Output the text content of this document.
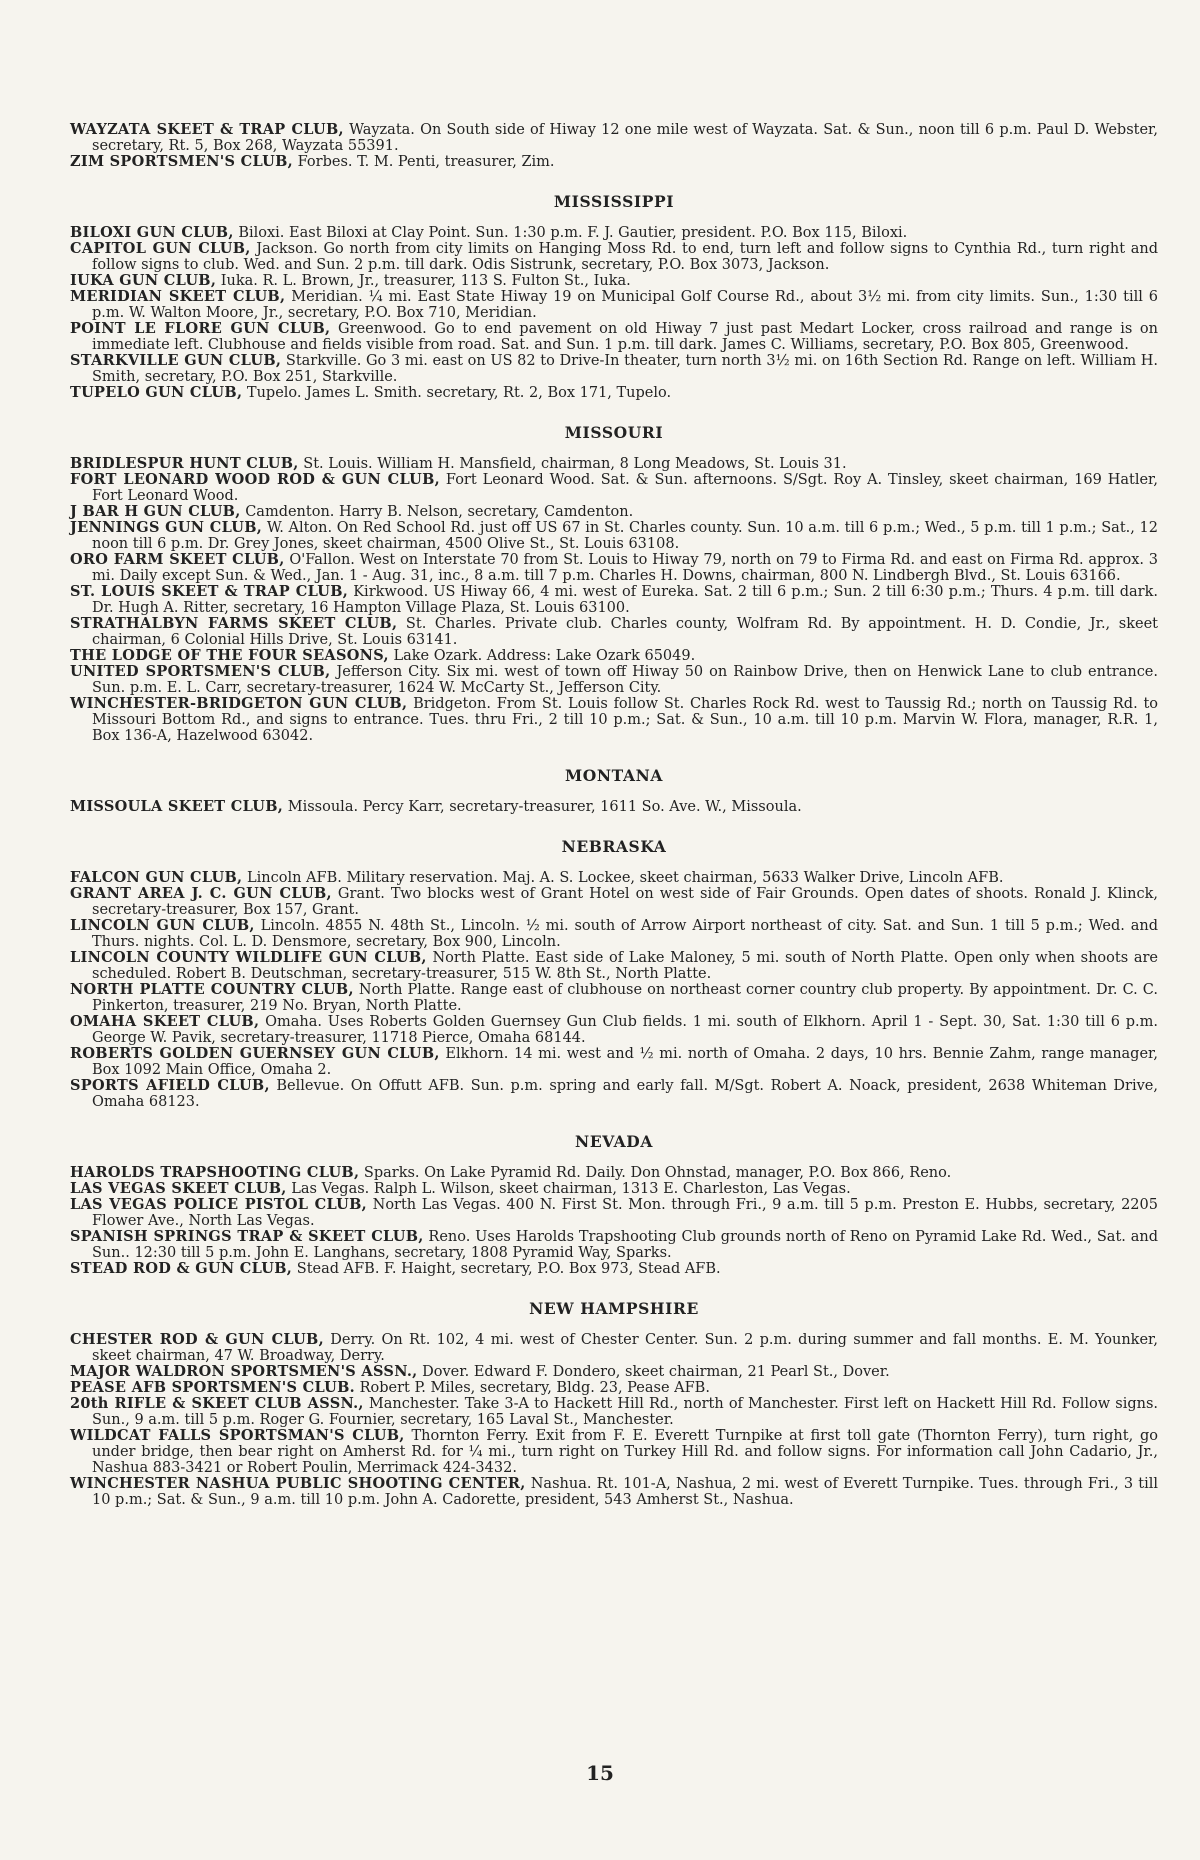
WAYZATA SKEET & TRAP CLUB, Wayzata. On South side of Hiway 12 one mile west of Wayzata. Sat. & Sun., noon till 6 p.m. Paul D. Webster, secretary, Rt. 5, Box 268, Wayzata 55391.

ZIM SPORTSMEN'S CLUB, Forbes. T. M. Penti, treasurer, Zim.

MISSISSIPPI

BILOXI GUN CLUB, Biloxi. East Biloxi at Clay Point. Sun. 1:30 p.m. F. J. Gautier, president. P.O. Box 115, Biloxi.

CAPITOL GUN CLUB, Jackson. Go north from city limits on Hanging Moss Rd. to end, turn left and follow signs to Cynthia Rd., turn right and follow signs to club. Wed. and Sun. 2 p.m. till dark. Odis Sistrunk, secretary, P.O. Box 3073, Jackson.

IUKA GUN CLUB, Iuka. R. L. Brown, Jr., treasurer, 113 S. Fulton St., Iuka.

MERIDIAN SKEET CLUB, Meridian. ¼ mi. East State Hiway 19 on Municipal Golf Course Rd., about 3½ mi. from city limits. Sun., 1:30 till 6 p.m. W. Walton Moore, Jr., secretary, P.O. Box 710, Meridian.

POINT LE FLORE GUN CLUB, Greenwood. Go to end pavement on old Hiway 7 just past Medart Locker, cross railroad and range is on immediate left. Clubhouse and fields visible from road. Sat. and Sun. 1 p.m. till dark. James C. Williams, secretary, P.O. Box 805, Greenwood.

STARKVILLE GUN CLUB, Starkville. Go 3 mi. east on US 82 to Drive-In theater, turn north 3½ mi. on 16th Section Rd. Range on left. William H. Smith, secretary, P.O. Box 251, Starkville.

TUPELO GUN CLUB, Tupelo. James L. Smith. secretary, Rt. 2, Box 171, Tupelo.

MISSOURI

BRIDLESPUR HUNT CLUB, St. Louis. William H. Mansfield, chairman, 8 Long Meadows, St. Louis 31.

FORT LEONARD WOOD ROD & GUN CLUB, Fort Leonard Wood. Sat. & Sun. afternoons. S/Sgt. Roy A. Tinsley, skeet chairman, 169 Hatler, Fort Leonard Wood.

J BAR H GUN CLUB, Camdenton. Harry B. Nelson, secretary, Camdenton.

JENNINGS GUN CLUB, W. Alton. On Red School Rd. just off US 67 in St. Charles county. Sun. 10 a.m. till 6 p.m.; Wed., 5 p.m. till 1 p.m.; Sat., 12 noon till 6 p.m. Dr. Grey Jones, skeet chairman, 4500 Olive St., St. Louis 63108.

ORO FARM SKEET CLUB, O'Fallon. West on Interstate 70 from St. Louis to Hiway 79, north on 79 to Firma Rd. and east on Firma Rd. approx. 3 mi. Daily except Sun. & Wed., Jan. 1 - Aug. 31, inc., 8 a.m. till 7 p.m. Charles H. Downs, chairman, 800 N. Lindbergh Blvd., St. Louis 63166.

ST. LOUIS SKEET & TRAP CLUB, Kirkwood. US Hiway 66, 4 mi. west of Eureka. Sat. 2 till 6 p.m.; Sun. 2 till 6:30 p.m.; Thurs. 4 p.m. till dark. Dr. Hugh A. Ritter, secretary, 16 Hampton Village Plaza, St. Louis 63100.

STRATHALBYN FARMS SKEET CLUB, St. Charles. Private club. Charles county, Wolfram Rd. By appointment. H. D. Condie, Jr., skeet chairman, 6 Colonial Hills Drive, St. Louis 63141.

THE LODGE OF THE FOUR SEASONS, Lake Ozark. Address: Lake Ozark 65049.

UNITED SPORTSMEN'S CLUB, Jefferson City. Six mi. west of town off Hiway 50 on Rainbow Drive, then on Henwick Lane to club entrance. Sun. p.m. E. L. Carr, secretary-treasurer, 1624 W. McCarty St., Jefferson City.

WINCHESTER-BRIDGETON GUN CLUB, Bridgeton. From St. Louis follow St. Charles Rock Rd. west to Taussig Rd.; north on Taussig Rd. to Missouri Bottom Rd., and signs to entrance. Tues. thru Fri., 2 till 10 p.m.; Sat. & Sun., 10 a.m. till 10 p.m. Marvin W. Flora, manager, R.R. 1, Box 136-A, Hazelwood 63042.

MONTANA

MISSOULA SKEET CLUB, Missoula. Percy Karr, secretary-treasurer, 1611 So. Ave. W., Missoula.

NEBRASKA

FALCON GUN CLUB, Lincoln AFB. Military reservation. Maj. A. S. Lockee, skeet chairman, 5633 Walker Drive, Lincoln AFB.

GRANT AREA J. C. GUN CLUB, Grant. Two blocks west of Grant Hotel on west side of Fair Grounds. Open dates of shoots. Ronald J. Klinck, secretary-treasurer, Box 157, Grant.

LINCOLN GUN CLUB, Lincoln. 4855 N. 48th St., Lincoln. ½ mi. south of Arrow Airport northeast of city. Sat. and Sun. 1 till 5 p.m.; Wed. and Thurs. nights. Col. L. D. Densmore, secretary, Box 900, Lincoln.

LINCOLN COUNTY WILDLIFE GUN CLUB, North Platte. East side of Lake Maloney, 5 mi. south of North Platte. Open only when shoots are scheduled. Robert B. Deutschman, secretary-treasurer, 515 W. 8th St., North Platte.

NORTH PLATTE COUNTRY CLUB, North Platte. Range east of clubhouse on northeast corner country club property. By appointment. Dr. C. C. Pinkerton, treasurer, 219 No. Bryan, North Platte.

OMAHA SKEET CLUB, Omaha. Uses Roberts Golden Guernsey Gun Club fields. 1 mi. south of Elkhorn. April 1 - Sept. 30, Sat. 1:30 till 6 p.m. George W. Pavik, secretary-treasurer, 11718 Pierce, Omaha 68144.

ROBERTS GOLDEN GUERNSEY GUN CLUB, Elkhorn. 14 mi. west and ½ mi. north of Omaha. 2 days, 10 hrs. Bennie Zahm, range manager, Box 1092 Main Office, Omaha 2.

SPORTS AFIELD CLUB, Bellevue. On Offutt AFB. Sun. p.m. spring and early fall. M/Sgt. Robert A. Noack, president, 2638 Whiteman Drive, Omaha 68123.

NEVADA

HAROLDS TRAPSHOOTING CLUB, Sparks. On Lake Pyramid Rd. Daily. Don Ohnstad, manager, P.O. Box 866, Reno.

LAS VEGAS SKEET CLUB, Las Vegas. Ralph L. Wilson, skeet chairman, 1313 E. Charleston, Las Vegas.

LAS VEGAS POLICE PISTOL CLUB, North Las Vegas. 400 N. First St. Mon. through Fri., 9 a.m. till 5 p.m. Preston E. Hubbs, secretary, 2205 Flower Ave., North Las Vegas.

SPANISH SPRINGS TRAP & SKEET CLUB, Reno. Uses Harolds Trapshooting Club grounds north of Reno on Pyramid Lake Rd. Wed., Sat. and Sun.. 12:30 till 5 p.m. John E. Langhans, secretary, 1808 Pyramid Way, Sparks.

STEAD ROD & GUN CLUB, Stead AFB. F. Haight, secretary, P.O. Box 973, Stead AFB.

NEW HAMPSHIRE

CHESTER ROD & GUN CLUB, Derry. On Rt. 102, 4 mi. west of Chester Center. Sun. 2 p.m. during summer and fall months. E. M. Younker, skeet chairman, 47 W. Broadway, Derry.

MAJOR WALDRON SPORTSMEN'S ASSN., Dover. Edward F. Dondero, skeet chairman, 21 Pearl St., Dover.

PEASE AFB SPORTSMEN'S CLUB. Robert P. Miles, secretary, Bldg. 23, Pease AFB.

20th RIFLE & SKEET CLUB ASSN., Manchester. Take 3-A to Hackett Hill Rd., north of Manchester. First left on Hackett Hill Rd. Follow signs. Sun., 9 a.m. till 5 p.m. Roger G. Fournier, secretary, 165 Laval St., Manchester.

WILDCAT FALLS SPORTSMAN'S CLUB, Thornton Ferry. Exit from F. E. Everett Turnpike at first toll gate (Thornton Ferry), turn right, go under bridge, then bear right on Amherst Rd. for ¼ mi., turn right on Turkey Hill Rd. and follow signs. For information call John Cadario, Jr., Nashua 883-3421 or Robert Poulin, Merrimack 424-3432.

WINCHESTER NASHUA PUBLIC SHOOTING CENTER, Nashua. Rt. 101-A, Nashua, 2 mi. west of Everett Turnpike. Tues. through Fri., 3 till 10 p.m.; Sat. & Sun., 9 a.m. till 10 p.m. John A. Cadorette, president, 543 Amherst St., Nashua.

15
